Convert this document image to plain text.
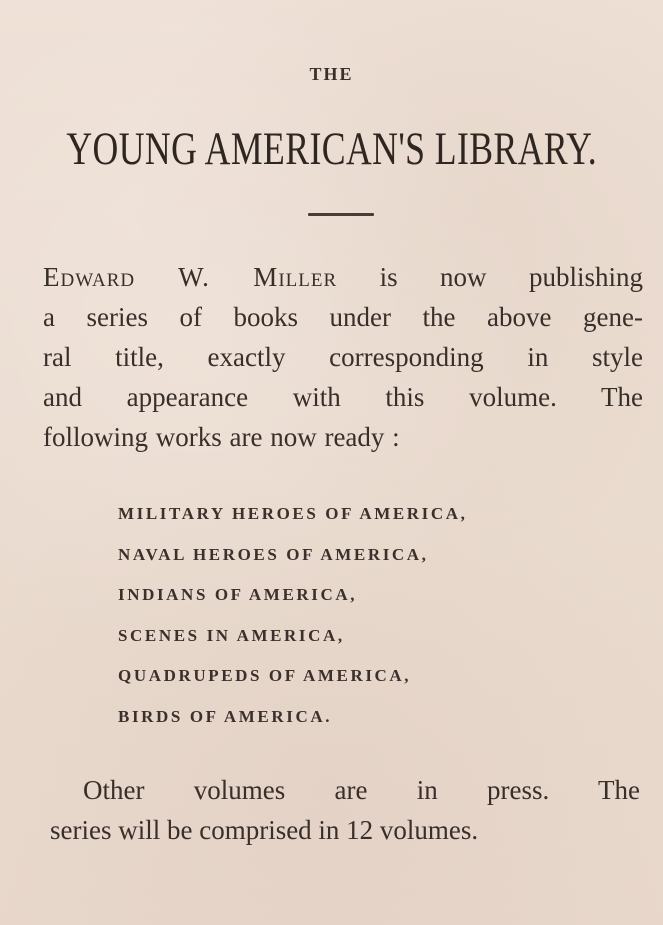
THE
YOUNG AMERICAN'S LIBRARY.
Edward W. Miller is now publishing
a series of books under the above gene-
ral title, exactly corresponding in style
and appearance with this volume. The
following works are now ready :
MILITARY HEROES OF AMERICA,
NAVAL HEROES OF AMERICA,
INDIANS OF AMERICA,
SCENES IN AMERICA,
QUADRUPEDS OF AMERICA,
BIRDS OF AMERICA.
Other volumes are in press. The
series will be comprised in 12 volumes.
